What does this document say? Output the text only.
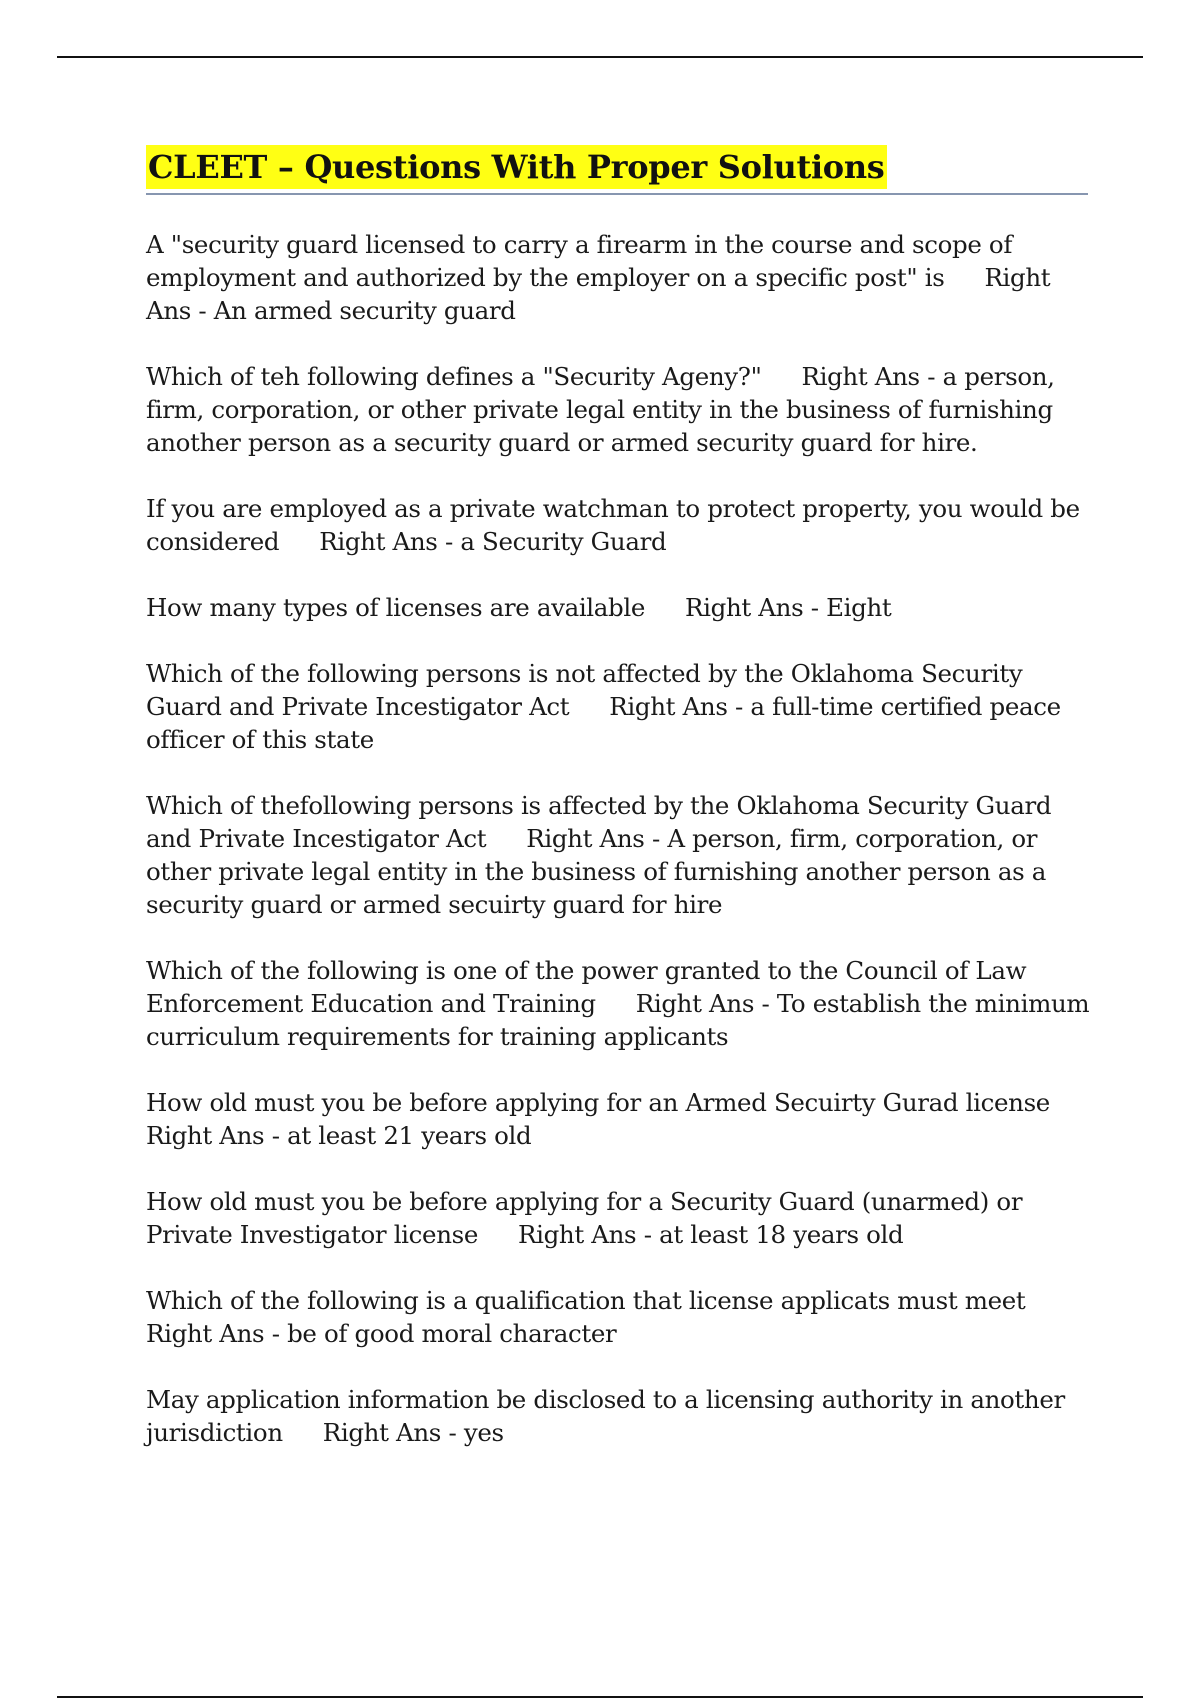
CLEET – Questions With Proper Solutions

A "security guard licensed to carry a firearm in the course and scope of employment and authorized by the employer on a specific post" is Right Ans - An armed security guard

Which of teh following defines a "Security Ageny?" Right Ans - a person, firm, corporation, or other private legal entity in the business of furnishing another person as a security guard or armed security guard for hire.

If you are employed as a private watchman to protect property, you would be considered Right Ans - a Security Guard

How many types of licenses are available Right Ans - Eight

Which of the following persons is not affected by the Oklahoma Security Guard and Private Incestigator Act Right Ans - a full-time certified peace officer of this state

Which of thefollowing persons is affected by the Oklahoma Security Guard and Private Incestigator Act Right Ans - A person, firm, corporation, or other private legal entity in the business of furnishing another person as a security guard or armed secuirty guard for hire

Which of the following is one of the power granted to the Council of Law Enforcement Education and Training Right Ans - To establish the minimum curriculum requirements for training applicants

How old must you be before applying for an Armed Secuirty Gurad licenseRight Ans - at least 21 years old

How old must you be before applying for a Security Guard (unarmed) or Private Investigator license Right Ans - at least 18 years old

Which of the following is a qualification that license applicats must meetRight Ans - be of good moral character

May application information be disclosed to a licensing authority in another jurisdiction Right Ans - yes
